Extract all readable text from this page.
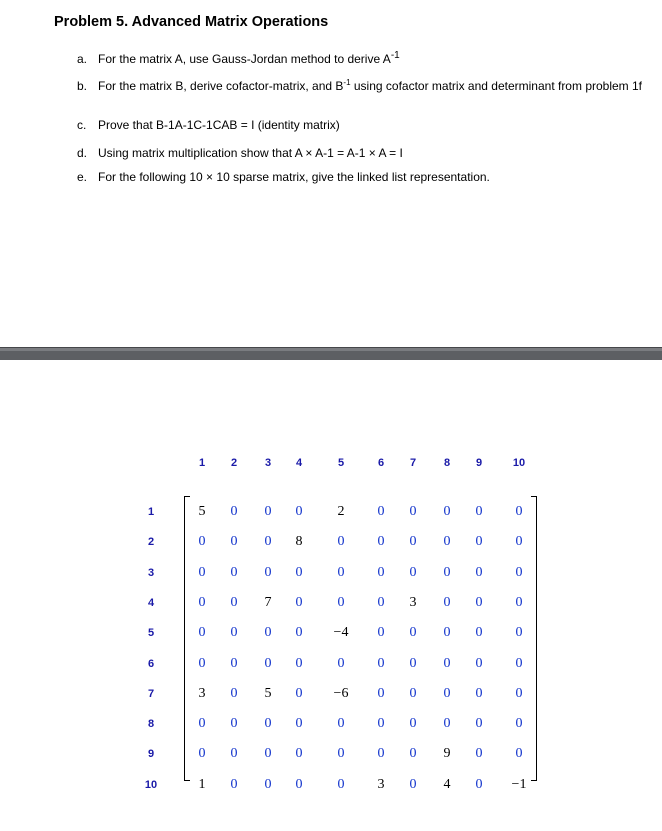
Problem 5. Advanced Matrix Operations
a. For the matrix A, use Gauss-Jordan method to derive $A^{-1}$
b. For the matrix B, derive cofactor-matrix, and $B^{-1}$ using cofactor matrix and determinant from problem 1f
c. Prove that B-1A-1C-1CAB = I (identity matrix)
d. Using matrix multiplication show that A × A-1 = A-1 × A = I
e. For the following 10 × 10 sparse matrix, give the linked list representation.
1 2	3 4	5	6 7	8 9	10
1	5 0 0 0	2 0 0 0 0 0
2	0 0 0 8	0 0 0 0 0 0
3	0 0 0 0	0 0 0 0 0 0
4	0 0 7 0	0 0 3 0 0 0
5	0 0 0 0 −4 0 0 0 0 0
6	0 0 0 0	0 0 0 0 0 0
7	3 0 5 0 −6 0 0 0 0 0
8	0 0 0 0	0 0 0 0 0 0
9	0 0 0 0	0 0 0 9 0 0
10	1 0 0 0	0 3 0 4 0 −1
